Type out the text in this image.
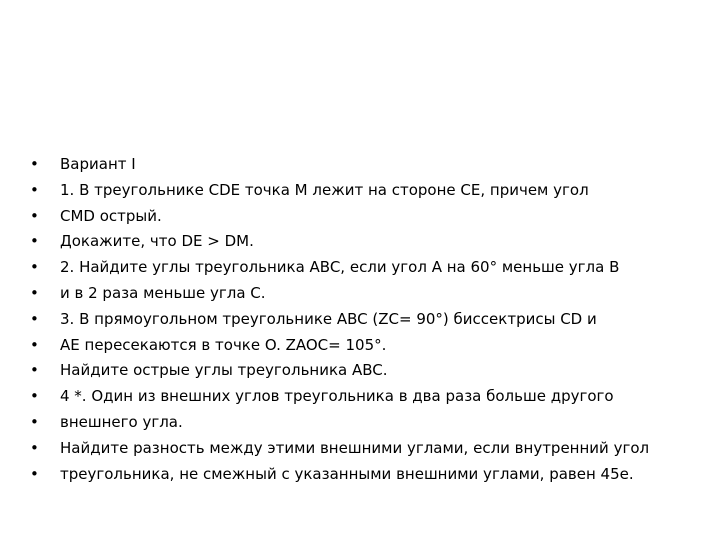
• Вариант I
• 1. В треугольнике CDE точка M лежит на стороне CE, причем угол
• CMD острый.
• Докажите, что DE > DM.
• 2. Найдите углы треугольника ABC, если угол A на 60° меньше угла B
• и в 2 раза меньше угла C.
• 3. В прямоугольном треугольнике ABC (ZC= 90°) биссектрисы CD и
• AE пересекаются в точке O. ZAOC= 105°.
• Найдите острые углы треугольника ABC.
• 4 *. Один из внешних углов треугольника в два раза больше другого
• внешнего угла.
• Найдите разность между этими внешними углами, если внутренний угол
• треугольника, не смежный с указанными внешними углами, равен 45е.
